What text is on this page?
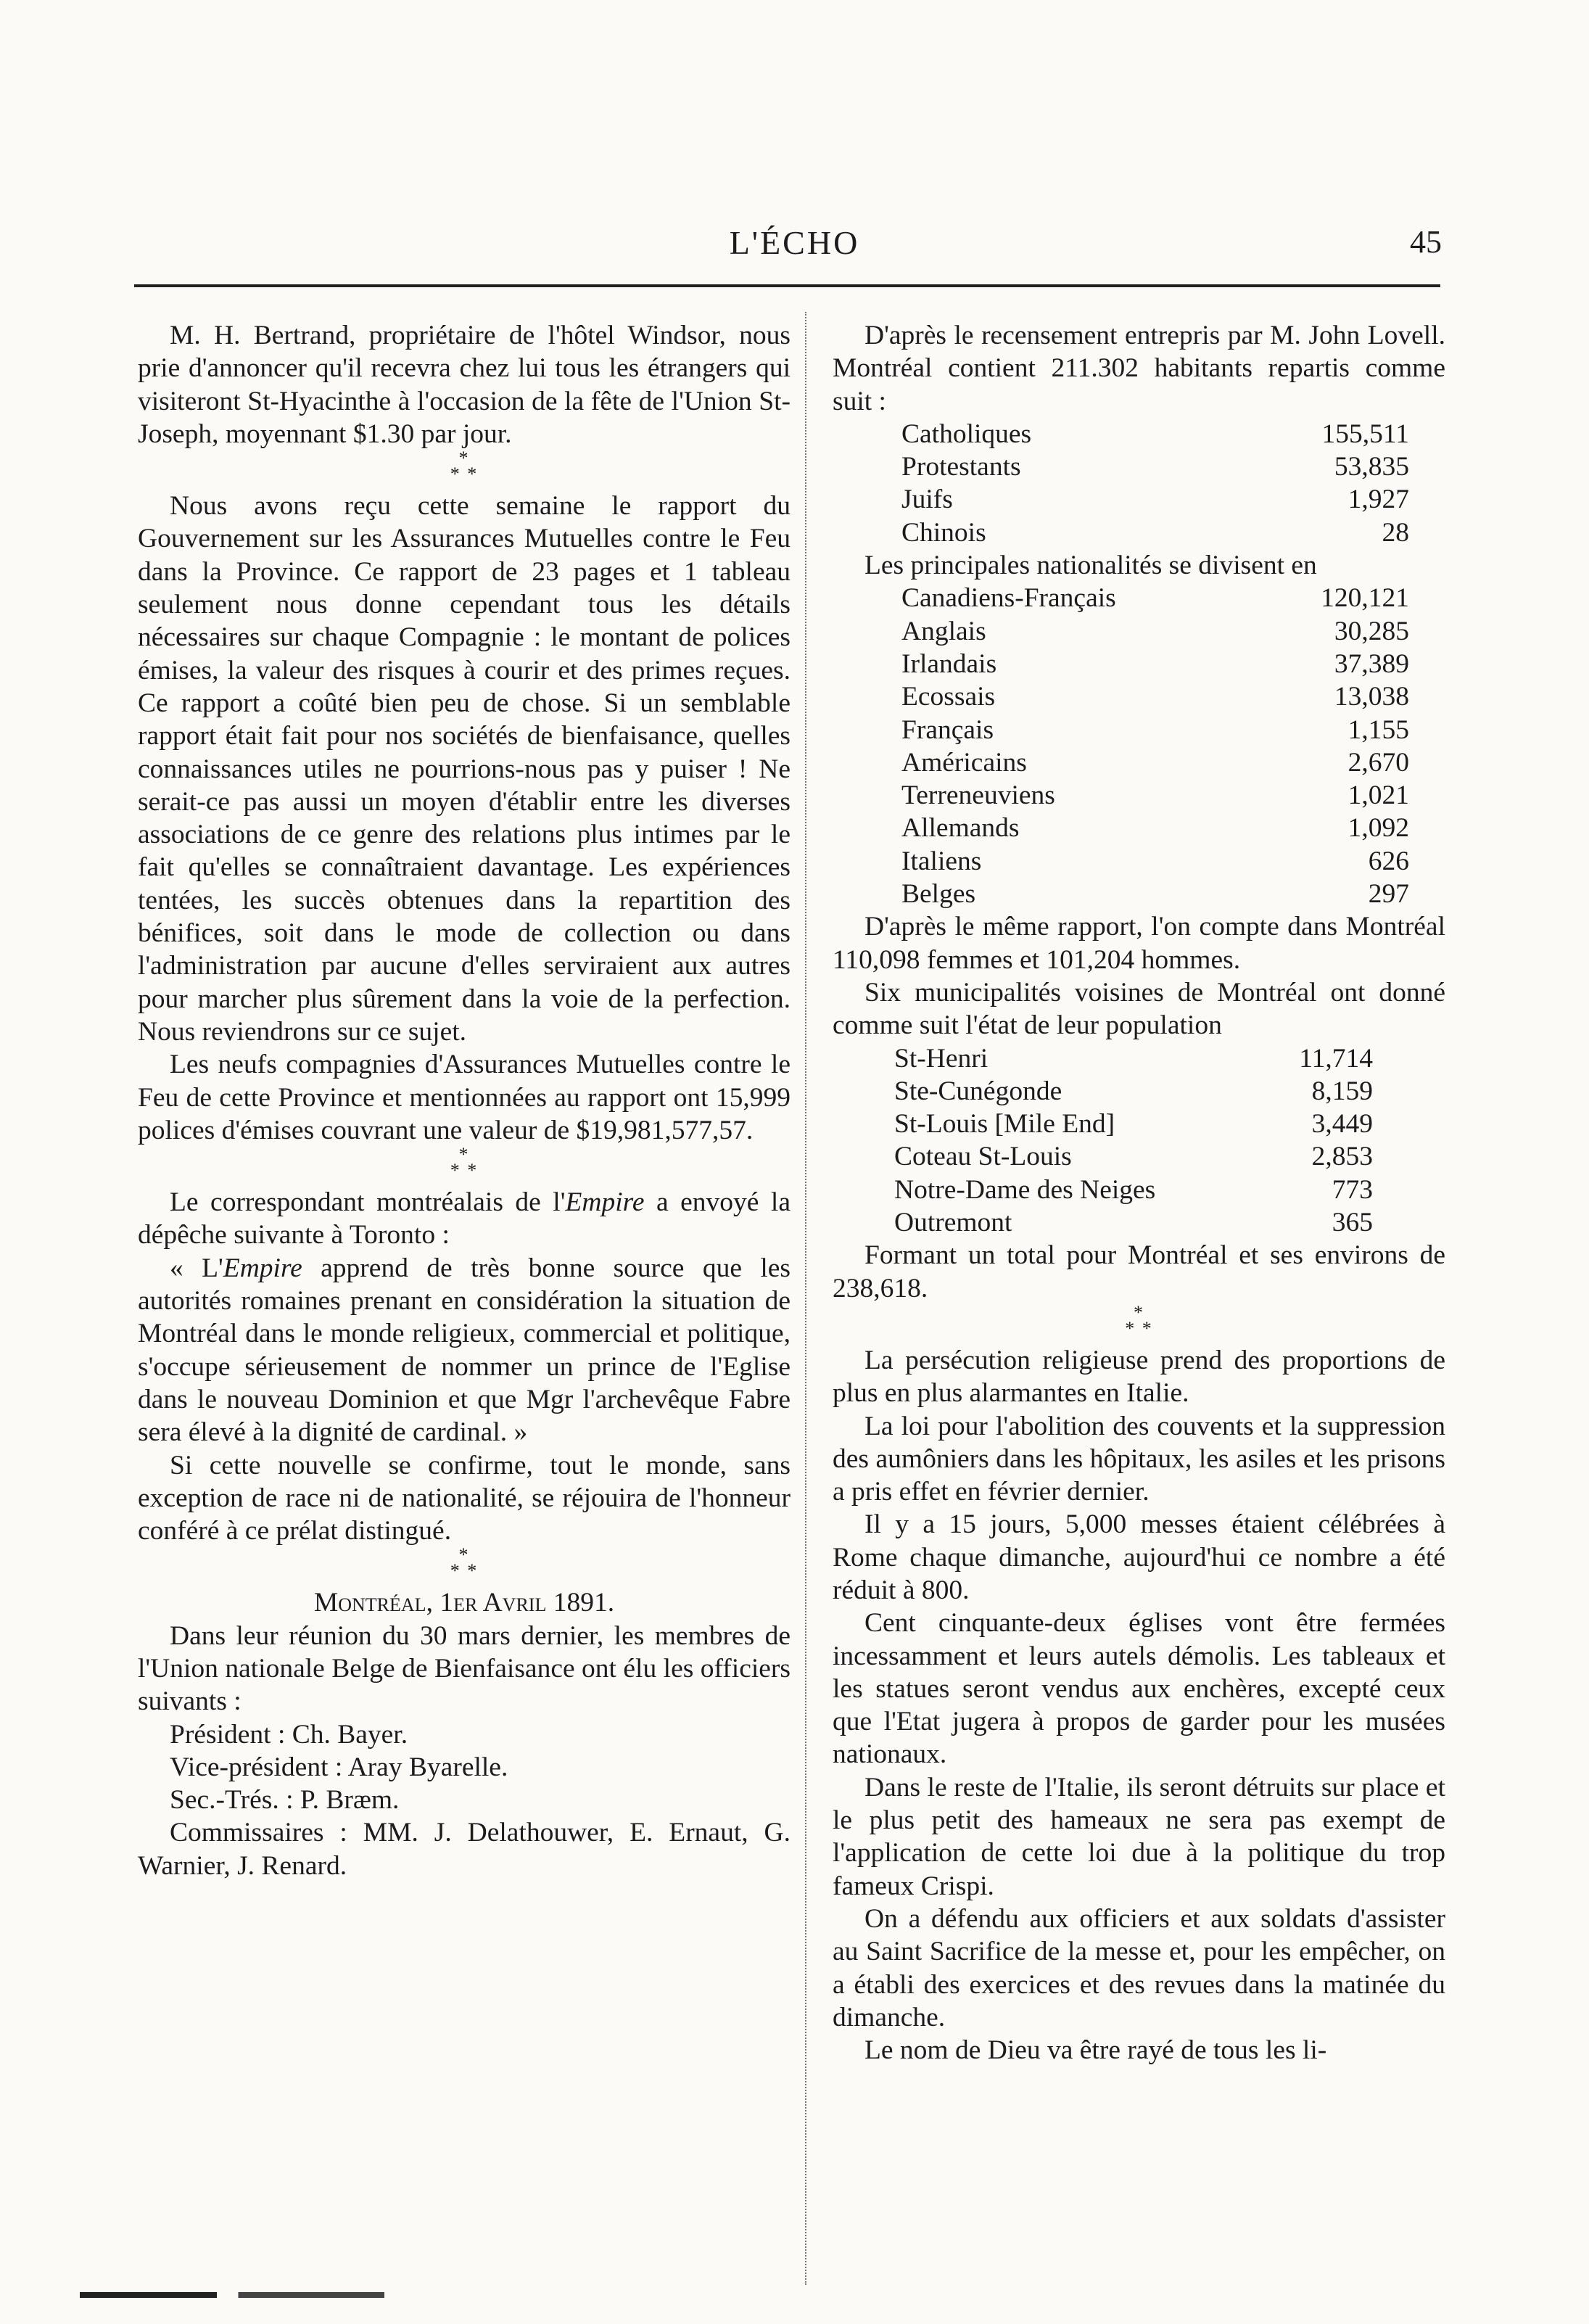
L'ÉCHO	45

M. H. Bertrand, propriétaire de l'hôtel Windsor, nous prie d'annoncer qu'il recevra chez lui tous les étrangers qui visiteront St-Hyacinthe à l'occasion de la fête de l'Union St-Joseph, moyennant $1.30 par jour.

*
* *

Nous avons reçu cette semaine le rapport du Gouvernement sur les Assurances Mutuelles contre le Feu dans la Province. Ce rapport de 23 pages et 1 tableau seulement nous donne cependant tous les détails nécessaires sur chaque Compagnie : le montant de polices émises, la valeur des risques à courir et des primes reçues. Ce rapport a coûté bien peu de chose. Si un semblable rapport était fait pour nos sociétés de bienfaisance, quelles connaissances utiles ne pourrions-nous pas y puiser ! Ne serait-ce pas aussi un moyen d'établir entre les diverses associations de ce genre des relations plus intimes par le fait qu'elles se connaîtraient davantage. Les expériences tentées, les succès obtenues dans la repartition des bénifices, soit dans le mode de collection ou dans l'administration par aucune d'elles serviraient aux autres pour marcher plus sûrement dans la voie de la perfection. Nous reviendrons sur ce sujet.

Les neufs compagnies d'Assurances Mutuelles contre le Feu de cette Province et mentionnées au rapport ont 15,999 polices d'émises couvrant une valeur de $19,981,577,57.

*
* *

Le correspondant montréalais de l'Empire a envoyé la dépêche suivante à Toronto :

« L'Empire apprend de très bonne source que les autorités romaines prenant en considération la situation de Montréal dans le monde religieux, commercial et politique, s'occupe sérieusement de nommer un prince de l'Eglise dans le nouveau Dominion et que Mgr l'archevêque Fabre sera élevé à la dignité de cardinal. »

Si cette nouvelle se confirme, tout le monde, sans exception de race ni de nationalité, se réjouira de l'honneur conféré à ce prélat distingué.

*
* *

Montréal, 1er Avril 1891.

Dans leur réunion du 30 mars dernier, les membres de l'Union nationale Belge de Bienfaisance ont élu les officiers suivants :

Président : Ch. Bayer.

Vice-président : Aray Byarelle.

Sec.-Trés. : P. Bræm.

Commissaires : MM. J. Delathouwer, E. Ernaut, G. Warnier, J. Renard.

D'après le recensement entrepris par M. John Lovell. Montréal contient 211.302 habitants repartis comme suit :

Catholiques	155,511
Protestants	53,835
Juifs	1,927
Chinois	28

Les principales nationalités se divisent en

Canadiens-Français	120,121
Anglais	30,285
Irlandais	37,389
Ecossais	13,038
Français	1,155
Américains	2,670
Terreneuviens	1,021
Allemands	1,092
Italiens	626
Belges	297

D'après le même rapport, l'on compte dans Montréal 110,098 femmes et 101,204 hommes.

Six municipalités voisines de Montréal ont donné comme suit l'état de leur population

St-Henri	11,714
Ste-Cunégonde	8,159
St-Louis [Mile End]	3,449
Coteau St-Louis	2,853
Notre-Dame des Neiges	773
Outremont	365

Formant un total pour Montréal et ses environs de 238,618.

*
* *

La persécution religieuse prend des proportions de plus en plus alarmantes en Italie.

La loi pour l'abolition des couvents et la suppression des aumôniers dans les hôpitaux, les asiles et les prisons a pris effet en février dernier.

Il y a 15 jours, 5,000 messes étaient célébrées à Rome chaque dimanche, aujourd'hui ce nombre a été réduit à 800.

Cent cinquante-deux églises vont être fermées incessamment et leurs autels démolis. Les tableaux et les statues seront vendus aux enchères, excepté ceux que l'Etat jugera à propos de garder pour les musées nationaux.

Dans le reste de l'Italie, ils seront détruits sur place et le plus petit des hameaux ne sera pas exempt de l'application de cette loi due à la politique du trop fameux Crispi.

On a défendu aux officiers et aux soldats d'assister au Saint Sacrifice de la messe et, pour les empêcher, on a établi des exercices et des revues dans la matinée du dimanche.

Le nom de Dieu va être rayé de tous les li-
